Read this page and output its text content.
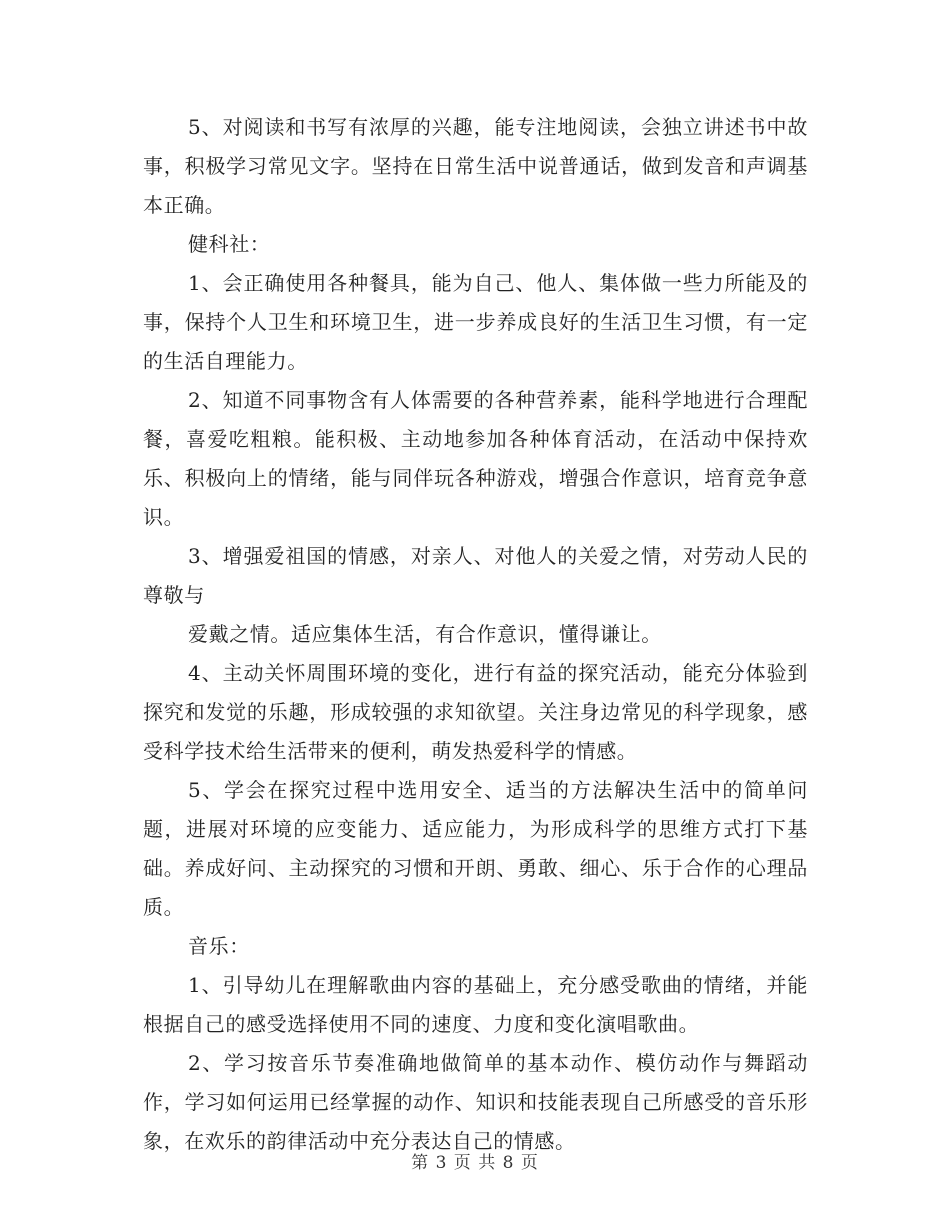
5、对阅读和书写有浓厚的兴趣，能专注地阅读，会独立讲述书中故事，积极学习常见文字。坚持在日常生活中说普通话，做到发音和声调基本正确。

健科社：

1、会正确使用各种餐具，能为自己、他人、集体做一些力所能及的事，保持个人卫生和环境卫生，进一步养成良好的生活卫生习惯，有一定的生活自理能力。

2、知道不同事物含有人体需要的各种营养素，能科学地进行合理配餐，喜爱吃粗粮。能积极、主动地参加各种体育活动，在活动中保持欢乐、积极向上的情绪，能与同伴玩各种游戏，增强合作意识，培育竞争意识。

3、增强爱祖国的情感，对亲人、对他人的关爱之情，对劳动人民的尊敬与

爱戴之情。适应集体生活，有合作意识，懂得谦让。

4、主动关怀周围环境的变化，进行有益的探究活动，能充分体验到探究和发觉的乐趣，形成较强的求知欲望。关注身边常见的科学现象，感受科学技术给生活带来的便利，萌发热爱科学的情感。

5、学会在探究过程中选用安全、适当的方法解决生活中的简单问题，进展对环境的应变能力、适应能力，为形成科学的思维方式打下基础。养成好问、主动探究的习惯和开朗、勇敢、细心、乐于合作的心理品质。

音乐：

1、引导幼儿在理解歌曲内容的基础上，充分感受歌曲的情绪，并能根据自己的感受选择使用不同的速度、力度和变化演唱歌曲。

2、学习按音乐节奏准确地做简单的基本动作、模仿动作与舞蹈动作，学习如何运用已经掌握的动作、知识和技能表现自己所感受的音乐形象，在欢乐的韵律活动中充分表达自己的情感。

第 3 页 共 8 页
